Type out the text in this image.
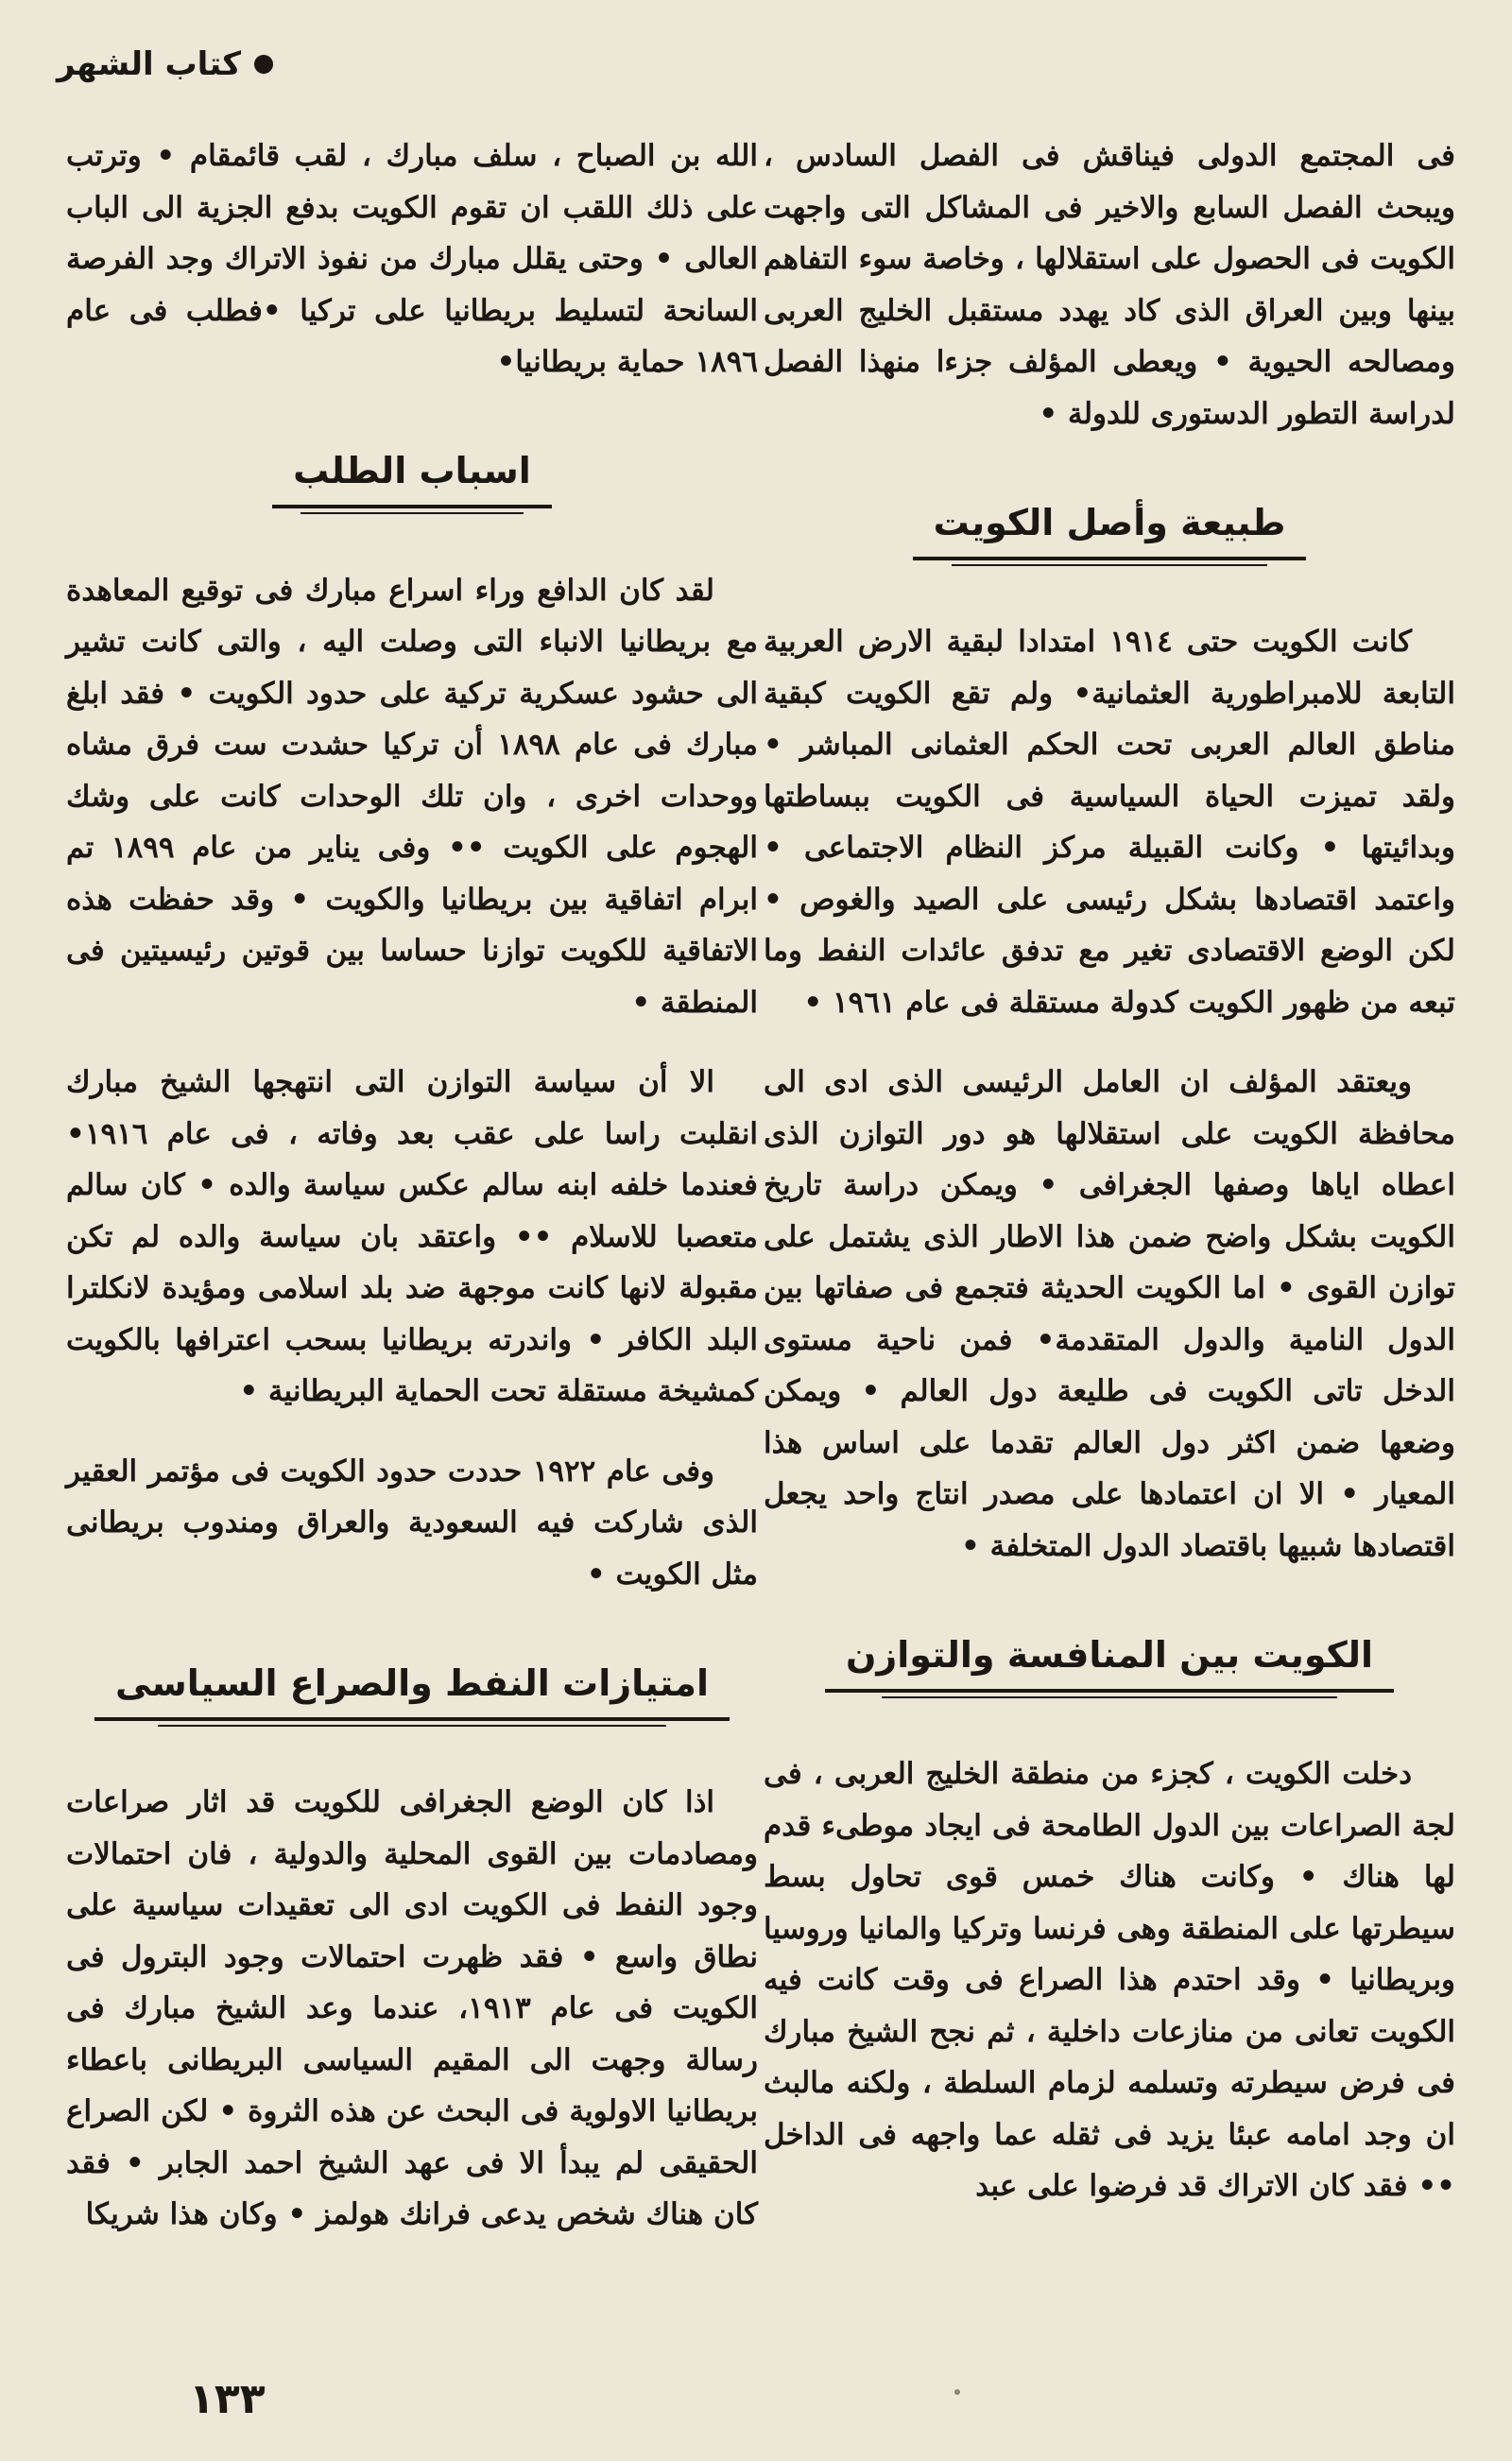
كتاب الشهر

فى المجتمع الدولى فيناقش فى الفصل السادس ، ويبحث الفصل السابع والاخير فى المشاكل التى واجهت الكويت فى الحصول على استقلالها ، وخاصة سوء التفاهم بينها وبين العراق الذى كاد يهدد مستقبل الخليج العربى ومصالحه الحيوية • ويعطى المؤلف جزءا منهذا الفصل لدراسة التطور الدستورى للدولة •

طبيعة وأصل الكويت

كانت الكويت حتى ١٩١٤ امتدادا لبقية الارض العربية التابعة للامبراطورية العثمانية• ولم تقع الكويت كبقية مناطق العالم العربى تحت الحكم العثمانى المباشر • ولقد تميزت الحياة السياسية فى الكويت ببساطتها وبدائيتها • وكانت القبيلة مركز النظام الاجتماعى • واعتمد اقتصادها بشكل رئيسى على الصيد والغوص • لكن الوضع الاقتصادى تغير مع تدفق عائدات النفط وما تبعه من ظهور الكويت كدولة مستقلة فى عام ١٩٦١ •

ويعتقد المؤلف ان العامل الرئيسى الذى ادى الى محافظة الكويت على استقلالها هو دور التوازن الذى اعطاه اياها وصفها الجغرافى • ويمكن دراسة تاريخ الكويت بشكل واضح ضمن هذا الاطار الذى يشتمل على توازن القوى • اما الكويت الحديثة فتجمع فى صفاتها بين الدول النامية والدول المتقدمة• فمن ناحية مستوى الدخل تاتى الكويت فى طليعة دول العالم • ويمكن وضعها ضمن اكثر دول العالم تقدما على اساس هذا المعيار • الا ان اعتمادها على مصدر انتاج واحد يجعل اقتصادها شبيها باقتصاد الدول المتخلفة •

الكويت بين المنافسة والتوازن

دخلت الكويت ، كجزء من منطقة الخليج العربى ، فى لجة الصراعات بين الدول الطامحة فى ايجاد موطىء قدم لها هناك • وكانت هناك خمس قوى تحاول بسط سيطرتها على المنطقة وهى فرنسا وتركيا والمانيا وروسيا وبريطانيا • وقد احتدم هذا الصراع فى وقت كانت فيه الكويت تعانى من منازعات داخلية ، ثم نجح الشيخ مبارك فى فرض سيطرته وتسلمه لزمام السلطة ، ولكنه مالبث ان وجد امامه عبئا يزيد فى ثقله عما واجهه فى الداخل •• فقد كان الاتراك قد فرضوا على عبد

الله بن الصباح ، سلف مبارك ، لقب قائمقام • وترتب على ذلك اللقب ان تقوم الكويت بدفع الجزية الى الباب العالى • وحتى يقلل مبارك من نفوذ الاتراك وجد الفرصة السانحة لتسليط بريطانيا على تركيا •فطلب فى عام ١٨٩٦ حماية بريطانيا•

اسباب الطلب

لقد كان الدافع وراء اسراع مبارك فى توقيع المعاهدة مع بريطانيا الانباء التى وصلت اليه ، والتى كانت تشير الى حشود عسكرية تركية على حدود الكويت • فقد ابلغ مبارك فى عام ١٨٩٨ أن تركيا حشدت ست فرق مشاه ووحدات اخرى ، وان تلك الوحدات كانت على وشك الهجوم على الكويت •• وفى يناير من عام ١٨٩٩ تم ابرام اتفاقية بين بريطانيا والكويت • وقد حفظت هذه الاتفاقية للكويت توازنا حساسا بين قوتين رئيسيتين فى المنطقة •

الا أن سياسة التوازن التى انتهجها الشيخ مبارك انقلبت راسا على عقب بعد وفاته ، فى عام ١٩١٦• فعندما خلفه ابنه سالم عكس سياسة والده • كان سالم متعصبا للاسلام •• واعتقد بان سياسة والده لم تكن مقبولة لانها كانت موجهة ضد بلد اسلامى ومؤيدة لانكلترا البلد الكافر • واندرته بريطانيا بسحب اعترافها بالكويت كمشيخة مستقلة تحت الحماية البريطانية •

وفى عام ١٩٢٢ حددت حدود الكويت فى مؤتمر العقير الذى شاركت فيه السعودية والعراق ومندوب بريطانى مثل الكويت •

امتيازات النفط والصراع السياسى

اذا كان الوضع الجغرافى للكويت قد اثار صراعات ومصادمات بين القوى المحلية والدولية ، فان احتمالات وجود النفط فى الكويت ادى الى تعقيدات سياسية على نطاق واسع • فقد ظهرت احتمالات وجود البترول فى الكويت فى عام ١٩١٣، عندما وعد الشيخ مبارك فى رسالة وجهت الى المقيم السياسى البريطانى باعطاء بريطانيا الاولوية فى البحث عن هذه الثروة • لكن الصراع الحقيقى لم يبدأ الا فى عهد الشيخ احمد الجابر • فقد كان هناك شخص يدعى فرانك هولمز • وكان هذا شريكا

١٣٣
